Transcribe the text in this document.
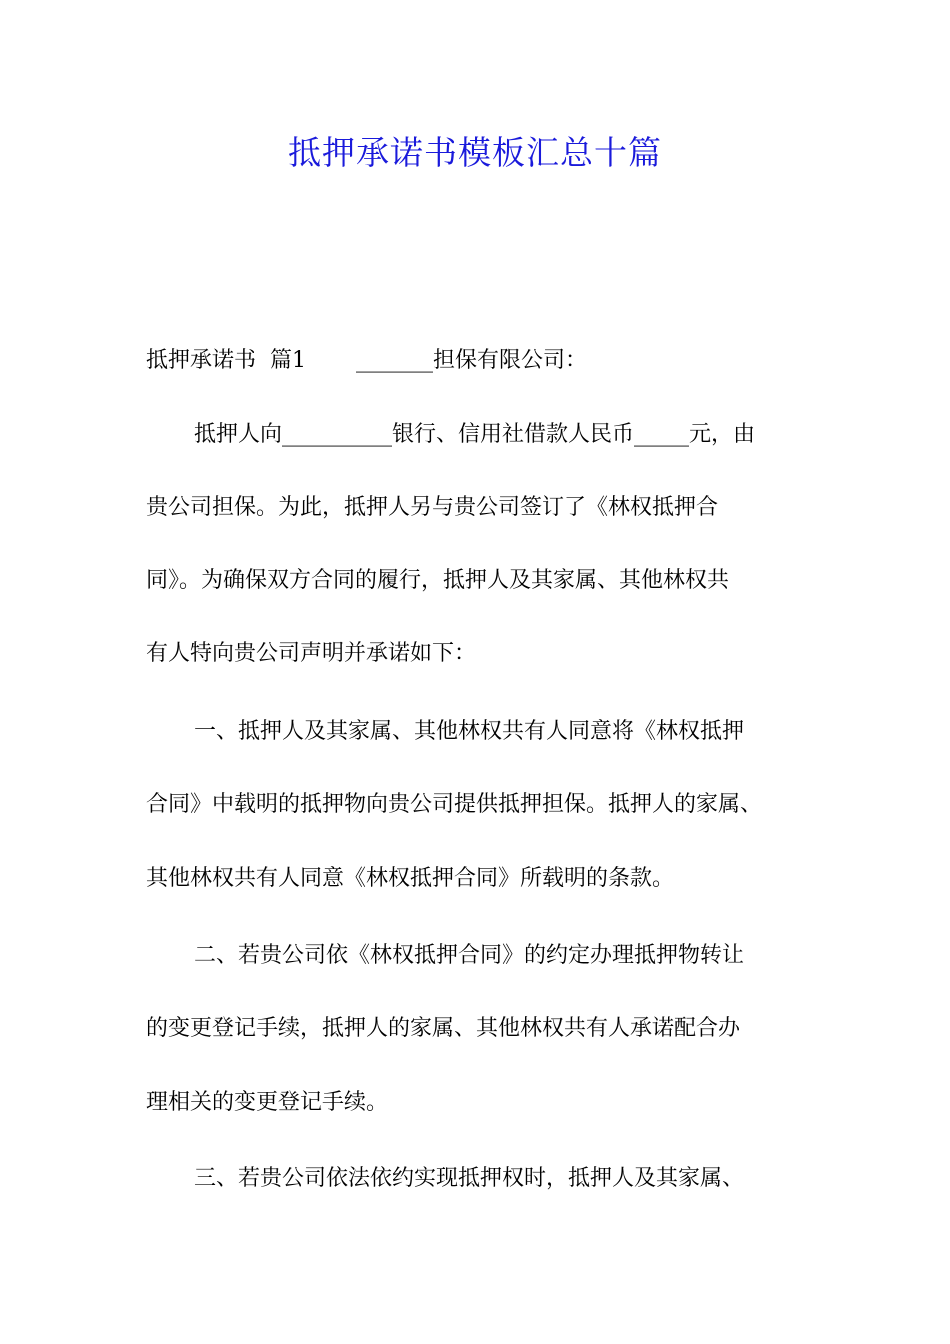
抵押承诺书模板汇总十篇
抵押承诺书  篇1 _______担保有限公司：
抵押人向__________银行、信用社借款人民币_____元，由
贵公司担保。为此，抵押人另与贵公司签订了《林权抵押合
同》。为确保双方合同的履行，抵押人及其家属、其他林权共
有人特向贵公司声明并承诺如下：
一、抵押人及其家属、其他林权共有人同意将《林权抵押
合同》中载明的抵押物向贵公司提供抵押担保。抵押人的家属、
其他林权共有人同意《林权抵押合同》所载明的条款。
二、若贵公司依《林权抵押合同》的约定办理抵押物转让
的变更登记手续，抵押人的家属、其他林权共有人承诺配合办
理相关的变更登记手续。
三、若贵公司依法依约实现抵押权时，抵押人及其家属、
